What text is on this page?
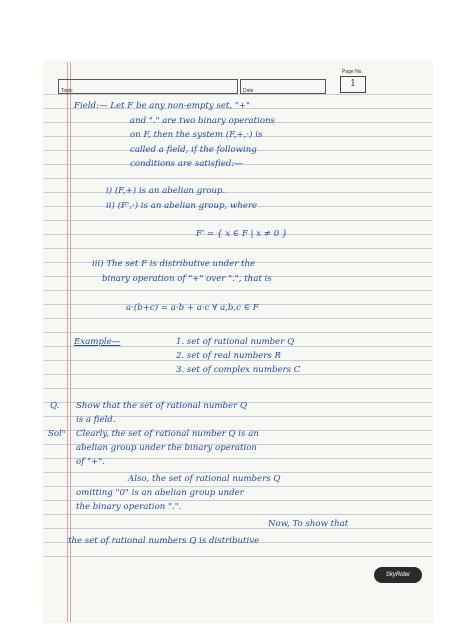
Page No.
1
Topic	Date
Field:— Let F be any non-empty set, "+"
and "." are two binary operations
on F, then the system (F,+,·) is
called a field, if the following
conditions are satisfied:—
i) (F,+) is an abelian group.
ii) (F',·) is an abelian group, where
F' = { x ∈ F | x ≠ 0 }
iii) The set F is distributive under the
binary operation of "+" over ".", that is
a·(b+c) = a·b + a·c ∀ a,b,c ∈ F
Example—	1. set of rational number Q
2. set of real numbers R
3. set of complex numbers C
Q. Show that the set of rational number Q
is a field.
Solⁿ Clearly, the set of rational number Q is an
abelian group under the binary operation
of "+".
Also, the set of rational numbers Q
omitting "0" is an abelian group under
the binary operation ".".
Now, To show that
the set of rational numbers Q is distributive
SkyRider
